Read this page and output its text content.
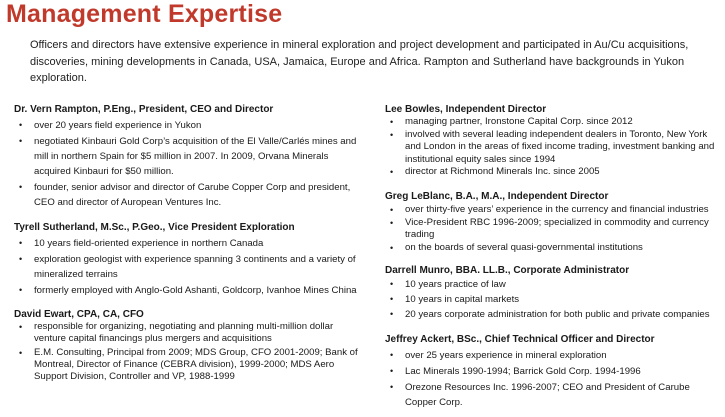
Management Expertise
Officers and directors have extensive experience in mineral exploration and project development and participated in Au/Cu acquisitions, discoveries, mining developments in Canada, USA, Jamaica, Europe and Africa. Rampton and Sutherland have backgrounds in Yukon exploration.
Dr. Vern Rampton, P.Eng., President, CEO and Director
• over 20 years field experience in Yukon
• negotiated Kinbauri Gold Corp’s acquisition of the El Valle/Carlés mines and mill in northern Spain for $5 million in 2007. In 2009, Orvana Minerals acquired Kinbauri for $50 million.
• founder, senior advisor and director of Carube Copper Corp and president, CEO and director of Auropean Ventures Inc.
Tyrell Sutherland, M.Sc., P.Geo., Vice President Exploration
• 10 years field-oriented experience in northern Canada
• exploration geologist with experience spanning 3 continents and a variety of mineralized terrains
• formerly employed with Anglo-Gold Ashanti, Goldcorp, Ivanhoe Mines China
David Ewart, CPA, CA, CFO
• responsible for organizing, negotiating and planning multi-million dollar venture capital financings plus mergers and acquisitions
• E.M. Consulting, Principal from 2009; MDS Group, CFO 2001-2009; Bank of Montreal, Director of Finance (CEBRA division), 1999-2000; MDS Aero Support Division, Controller and VP, 1988-1999
Lee Bowles, Independent Director
• managing partner, Ironstone Capital Corp. since 2012
• involved with several leading independent dealers in Toronto, New York and London in the areas of fixed income trading, investment banking and institutional equity sales since 1994
• director at Richmond Minerals Inc. since 2005
Greg LeBlanc, B.A., M.A., Independent Director
• over thirty-five years’ experience in the currency and financial industries
• Vice-President RBC 1996-2009; specialized in commodity and currency trading
• on the boards of several quasi-governmental institutions
Darrell Munro, BBA. LL.B., Corporate Administrator
• 10 years practice of law
• 10 years in capital markets
• 20 years corporate administration for both public and private companies
Jeffrey Ackert, BSc., Chief Technical Officer and Director
• over 25 years experience in mineral exploration
• Lac Minerals 1990-1994; Barrick Gold Corp. 1994-1996
• Orezone Resources Inc. 1996-2007; CEO and President of Carube Copper Corp.
